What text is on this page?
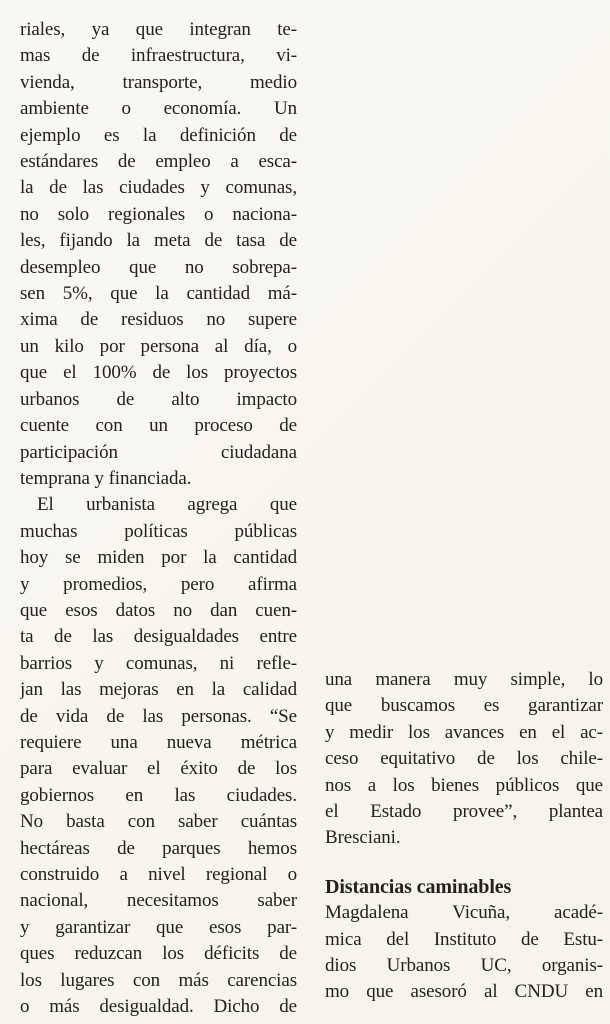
riales, ya que integran te-
mas de infraestructura, vi-
vienda, transporte, medio
ambiente o economía. Un
ejemplo es la definición de
estándares de empleo a esca-
la de las ciudades y comunas,
no solo regionales o naciona-
les, fijando la meta de tasa de
desempleo que no sobrepa-
sen 5%, que la cantidad má-
xima de residuos no supere
un kilo por persona al día, o
que el 100% de los proyectos
urbanos de alto impacto
cuente con un proceso de
participación ciudadana
temprana y financiada.
El urbanista agrega que
muchas políticas públicas
hoy se miden por la cantidad
y promedios, pero afirma
que esos datos no dan cuen-
ta de las desigualdades entre
barrios y comunas, ni refle-
jan las mejoras en la calidad
de vida de las personas. “Se
requiere una nueva métrica
para evaluar el éxito de los
gobiernos en las ciudades.
No basta con saber cuántas
hectáreas de parques hemos
construido a nivel regional o
nacional, necesitamos saber
y garantizar que esos par-
ques reduzcan los déficits de
los lugares con más carencias
o más desigualdad. Dicho de
una manera muy simple, lo
que buscamos es garantizar
y medir los avances en el ac-
ceso equitativo de los chile-
nos a los bienes públicos que
el Estado provee”, plantea
Bresciani.
Distancias caminables
Magdalena Vicuña, acadé-
mica del Instituto de Estu-
dios Urbanos UC, organis-
mo que asesoró al CNDU en
